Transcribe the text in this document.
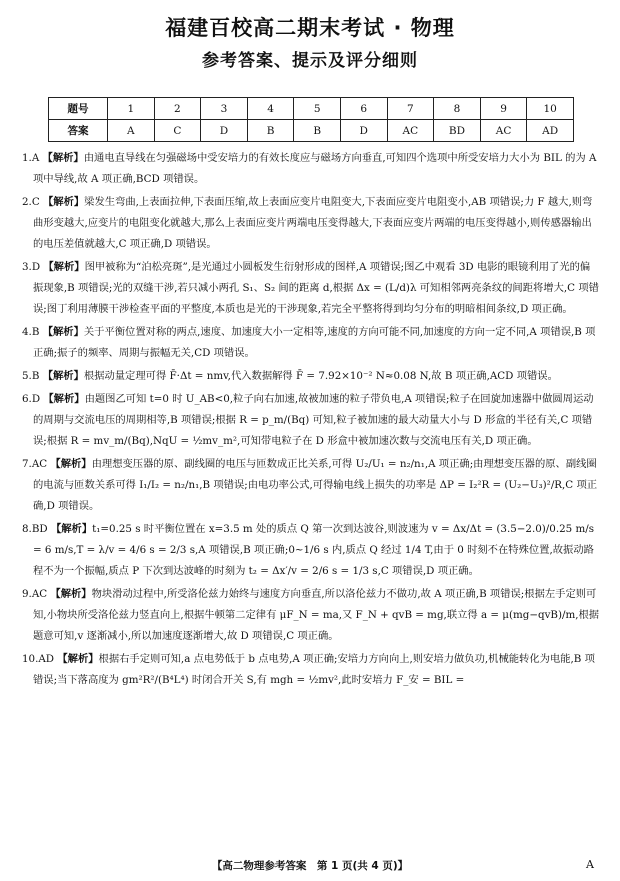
福建百校高二期末考试 · 物理
参考答案、提示及评分细则
题号	1	2	3	4	5	6	7	8	9	10
答案	A	C	D	B	B	D	AC	BD	AC	AD
1.A 【解析】由通电直导线在匀强磁场中受安培力的有效长度应与磁场方向垂直,可知四个选项中所受安培力大小为 BIL 的为 A 项中导线,故 A 项正确,BCD 项错误。
2.C 【解析】梁发生弯曲,上表面拉伸,下表面压缩,故上表面应变片电阻变大,下表面应变片电阻变小,AB 项错误;力 F 越大,则弯曲形变越大,应变片的电阻变化就越大,那么上表面应变片两端电压变得越大,下表面应变片两端的电压变得越小,则传感器输出的电压差值就越大,C 项正确,D 项错误。
3.D 【解析】图甲被称为“泊松亮斑”,是光通过小圆板发生衍射形成的图样,A 项错误;图乙中观看 3D 电影的眼镜利用了光的偏振现象,B 项错误;光的双缝干涉,若只减小两孔 S₁、S₂ 间的距离 d,根据 Δx = (L/d)λ 可知相邻两亮条纹的间距将增大,C 项错误;图丁利用薄膜干涉检查平面的平整度,本质也是光的干涉现象,若完全平整将得到均匀分布的明暗相间条纹,D 项正确。
4.B 【解析】关于平衡位置对称的两点,速度、加速度大小一定相等,速度的方向可能不同,加速度的方向一定不同,A 项错误,B 项正确;振子的频率、周期与振幅无关,CD 项错误。
5.B 【解析】根据动量定理可得 F̄·Δt = nmv,代入数据解得 F̄ = 7.92×10⁻² N≈0.08 N,故 B 项正确,ACD 项错误。
6.D 【解析】由题图乙可知 t=0 时 U_AB<0,粒子向右加速,故被加速的粒子带负电,A 项错误;粒子在回旋加速器中做圆周运动的周期与交流电压的周期相等,B 项错误;根据 R = p_m/(Bq) 可知,粒子被加速的最大动量大小与 D 形盒的半径有关,C 项错误;根据 R = mv_m/(Bq),NqU = ½mv_m²,可知带电粒子在 D 形盒中被加速次数与交流电压有关,D 项正确。
7.AC 【解析】由理想变压器的原、副线圈的电压与匝数成正比关系,可得 U₂/U₁ = n₂/n₁,A 项正确;由理想变压器的原、副线圈的电流与匝数关系可得 I₁/I₂ = n₂/n₁,B 项错误;由电功率公式,可得输电线上损失的功率是 ΔP = I₂²R = (U₂−U₃)²/R,C 项正确,D 项错误。
8.BD 【解析】t₁=0.25 s 时平衡位置在 x=3.5 m 处的质点 Q 第一次到达波谷,则波速为 v = Δx/Δt = (3.5−2.0)/0.25 m/s = 6 m/s,T = λ/v = 4/6 s = 2/3 s,A 项错误,B 项正确;0~1/6 s 内,质点 Q 经过 1/4 T,由于 0 时刻不在特殊位置,故振动路程不为一个振幅,质点 P 下次到达波峰的时刻为 t₂ = Δx′/v = 2/6 s = 1/3 s,C 项错误,D 项正确。
9.AC 【解析】物块滑动过程中,所受洛伦兹力始终与速度方向垂直,所以洛伦兹力不做功,故 A 项正确,B 项错误;根据左手定则可知,小物块所受洛伦兹力竖直向上,根据牛顿第二定律有 μF_N = ma,又 F_N + qvB = mg,联立得 a = μ(mg−qvB)/m,根据题意可知,v 逐渐减小,所以加速度逐渐增大,故 D 项错误,C 项正确。
10.AD 【解析】根据右手定则可知,a 点电势低于 b 点电势,A 项正确;安培力方向向上,则安培力做负功,机械能转化为电能,B 项错误;当下落高度为 gm²R²/(B⁴L⁴) 时闭合开关 S,有 mgh = ½mv²,此时安培力 F_安 = BIL =
【高二物理参考答案　第 1 页(共 4 页)】	A
